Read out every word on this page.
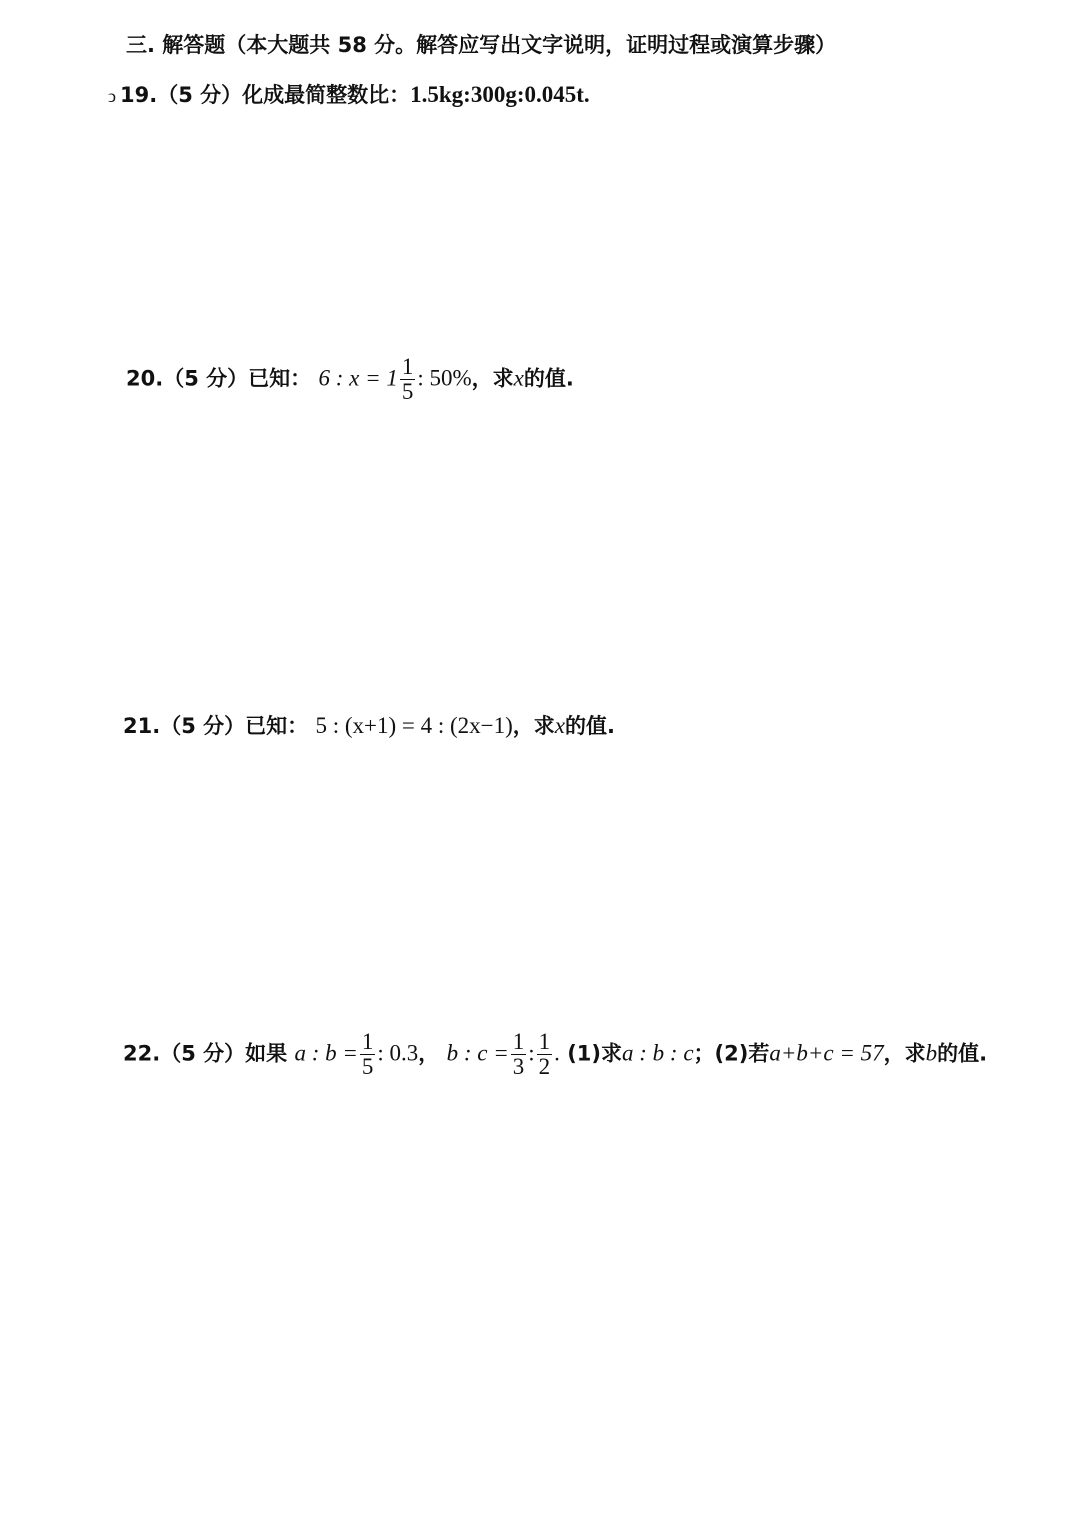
三. 解答题（本大题共 58 分。解答应写出文字说明，证明过程或演算步骤）
ↄ 19.（5 分）化成最简整数比：1.5kg:300g:0.045t.
20.（5 分）已知： 6 : $x = 1 \frac{1}{5}$ : 50%，求x的值.
21.（5 分）已知： 5 : (x+1) = 4 : (2x−1)，求x的值.
22.（5 分）如果 a : $b = \frac{1}{5}$ : 0.3， b : $c = \frac{1}{3}$ : $\frac{1}{2}$ . (1)求a : b : c；(2)若a+b+c = 57，求b的值.
